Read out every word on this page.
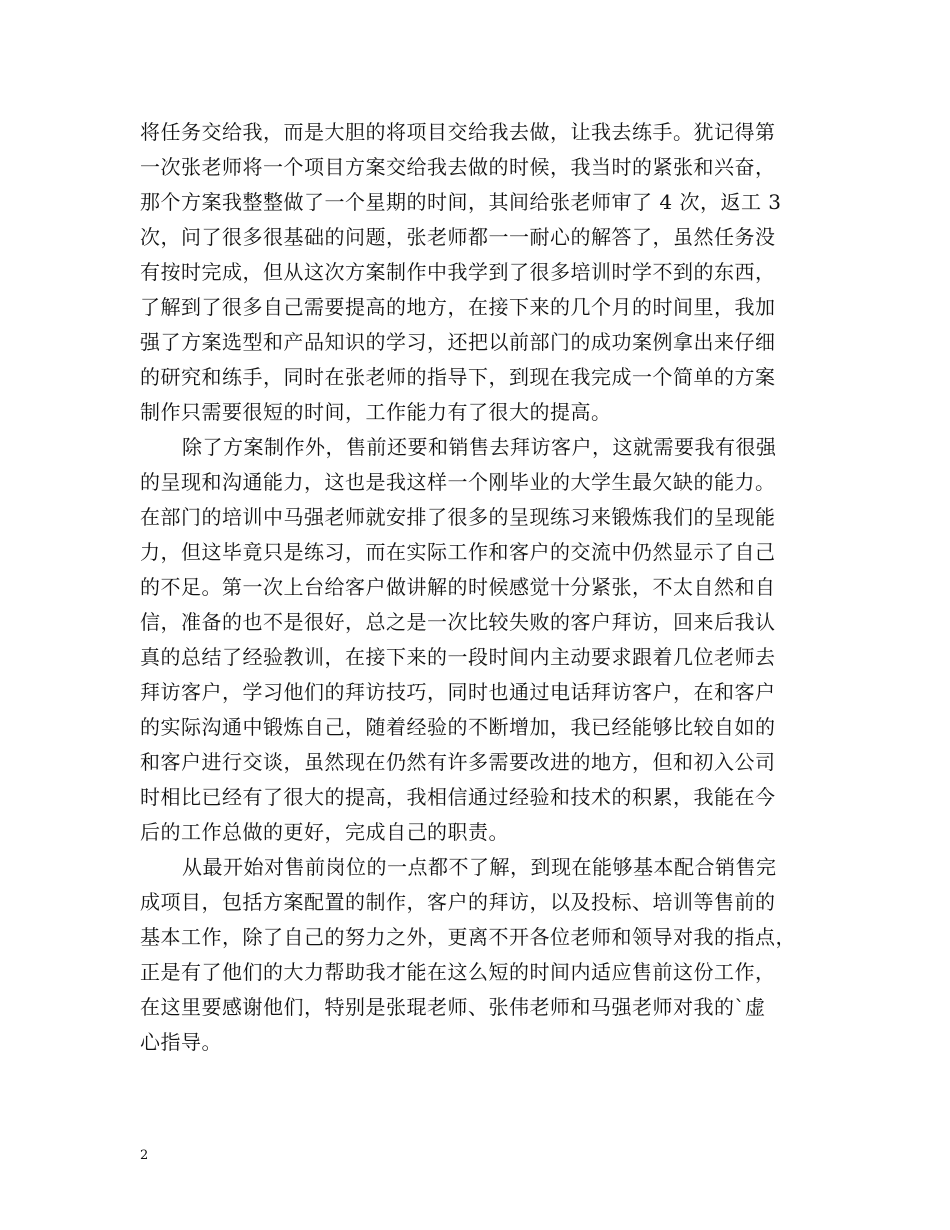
将任务交给我，而是大胆的将项目交给我去做，让我去练手。犹记得第
一次张老师将一个项目方案交给我去做的时候，我当时的紧张和兴奋，
那个方案我整整做了一个星期的时间，其间给张老师审了 4 次，返工 3
次，问了很多很基础的问题，张老师都一一耐心的解答了，虽然任务没
有按时完成，但从这次方案制作中我学到了很多培训时学不到的东西，
了解到了很多自己需要提高的地方，在接下来的几个月的时间里，我加
强了方案选型和产品知识的学习，还把以前部门的成功案例拿出来仔细
的研究和练手，同时在张老师的指导下，到现在我完成一个简单的方案
制作只需要很短的时间，工作能力有了很大的提高。
除了方案制作外，售前还要和销售去拜访客户，这就需要我有很强
的呈现和沟通能力，这也是我这样一个刚毕业的大学生最欠缺的能力。
在部门的培训中马强老师就安排了很多的呈现练习来锻炼我们的呈现能
力，但这毕竟只是练习，而在实际工作和客户的交流中仍然显示了自己
的不足。第一次上台给客户做讲解的时候感觉十分紧张，不太自然和自
信，准备的也不是很好，总之是一次比较失败的客户拜访，回来后我认
真的总结了经验教训，在接下来的一段时间内主动要求跟着几位老师去
拜访客户，学习他们的拜访技巧，同时也通过电话拜访客户，在和客户
的实际沟通中锻炼自己，随着经验的不断增加，我已经能够比较自如的
和客户进行交谈，虽然现在仍然有许多需要改进的地方，但和初入公司
时相比已经有了很大的提高，我相信通过经验和技术的积累，我能在今
后的工作总做的更好，完成自己的职责。
从最开始对售前岗位的一点都不了解，到现在能够基本配合销售完
成项目，包括方案配置的制作，客户的拜访，以及投标、培训等售前的
基本工作，除了自己的努力之外，更离不开各位老师和领导对我的指点，
正是有了他们的大力帮助我才能在这么短的时间内适应售前这份工作，
在这里要感谢他们，特别是张琨老师、张伟老师和马强老师对我的`虚
心指导。
2
